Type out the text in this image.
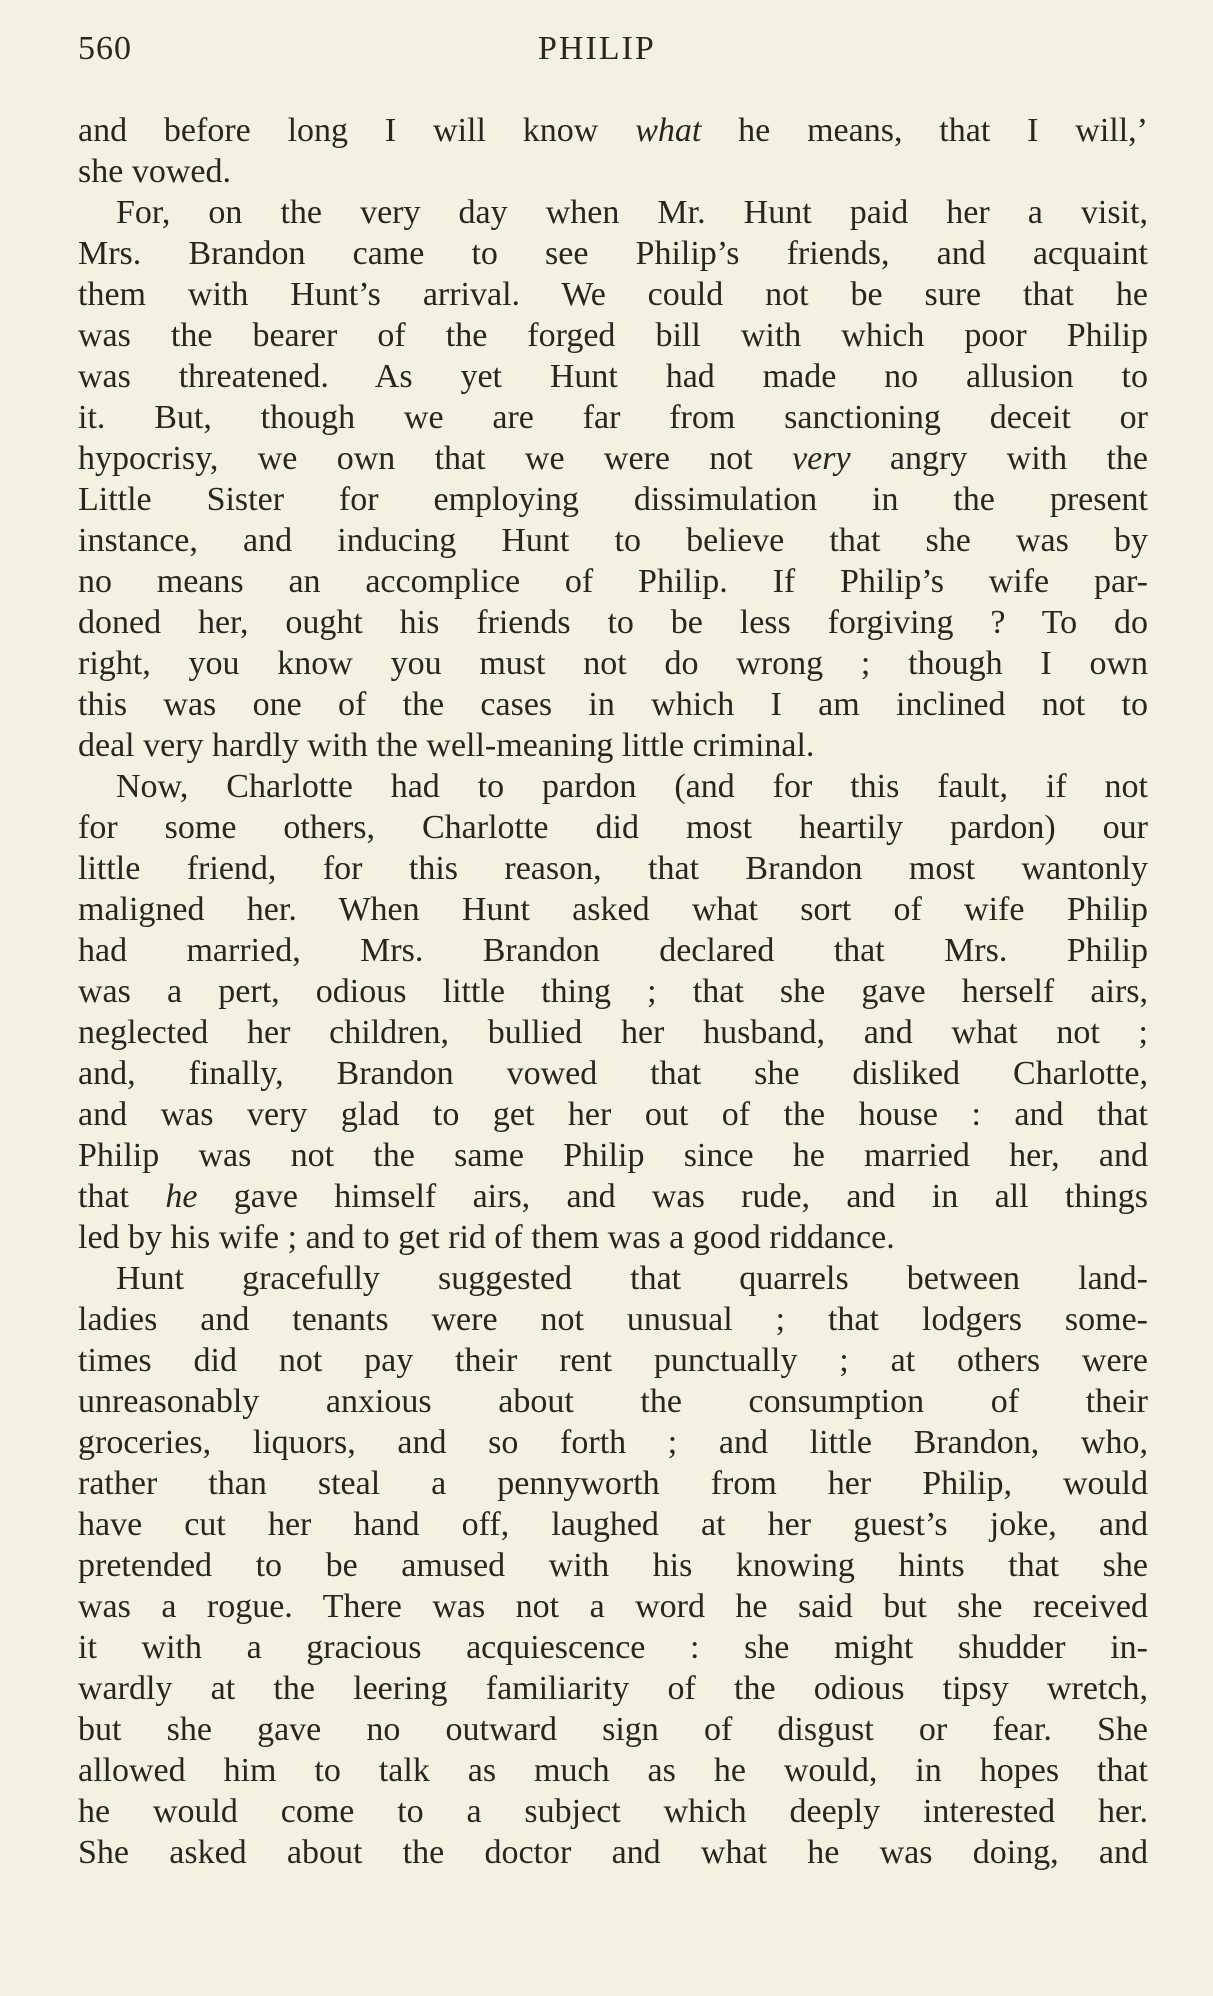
560	PHILIP
and before long I will know what he means, that I will,’
she vowed.
For, on the very day when Mr. Hunt paid her a visit,
Mrs. Brandon came to see Philip’s friends, and acquaint
them with Hunt’s arrival. We could not be sure that he
was the bearer of the forged bill with which poor Philip
was threatened. As yet Hunt had made no allusion to
it. But, though we are far from sanctioning deceit or
hypocrisy, we own that we were not very angry with the
Little Sister for employing dissimulation in the present
instance, and inducing Hunt to believe that she was by
no means an accomplice of Philip. If Philip’s wife par-
doned her, ought his friends to be less forgiving ? To do
right, you know you must not do wrong ; though I own
this was one of the cases in which I am inclined not to
deal very hardly with the well-meaning little criminal.
Now, Charlotte had to pardon (and for this fault, if not
for some others, Charlotte did most heartily pardon) our
little friend, for this reason, that Brandon most wantonly
maligned her. When Hunt asked what sort of wife Philip
had married, Mrs. Brandon declared that Mrs. Philip
was a pert, odious little thing ; that she gave herself airs,
neglected her children, bullied her husband, and what not ;
and, finally, Brandon vowed that she disliked Charlotte,
and was very glad to get her out of the house : and that
Philip was not the same Philip since he married her, and
that he gave himself airs, and was rude, and in all things
led by his wife ; and to get rid of them was a good riddance.
Hunt gracefully suggested that quarrels between land-
ladies and tenants were not unusual ; that lodgers some-
times did not pay their rent punctually ; at others were
unreasonably anxious about the consumption of their
groceries, liquors, and so forth ; and little Brandon, who,
rather than steal a pennyworth from her Philip, would
have cut her hand off, laughed at her guest’s joke, and
pretended to be amused with his knowing hints that she
was a rogue. There was not a word he said but she received
it with a gracious acquiescence : she might shudder in-
wardly at the leering familiarity of the odious tipsy wretch,
but she gave no outward sign of disgust or fear. She
allowed him to talk as much as he would, in hopes that
he would come to a subject which deeply interested her.
She asked about the doctor and what he was doing, and
